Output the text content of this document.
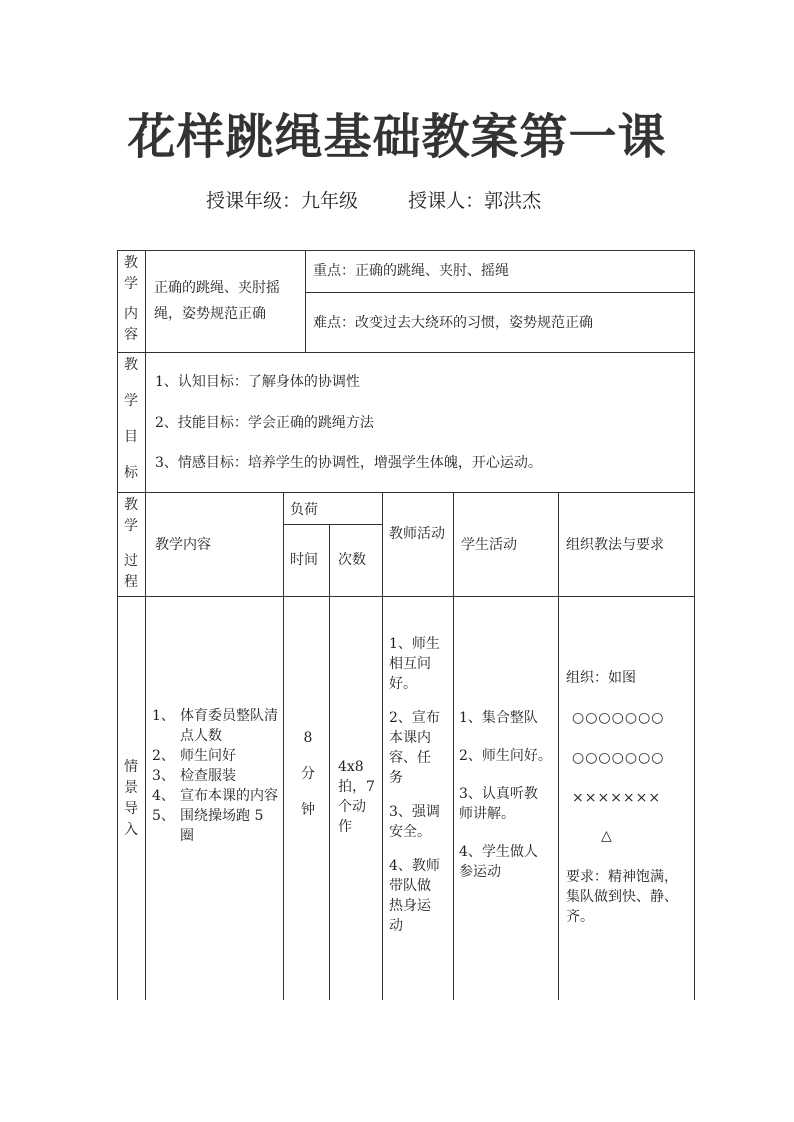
花样跳绳基础教案第一课
授课年级：九年级	授课人：郭洪杰
教
学
内
容
正确的跳绳、夹肘摇绳，姿势规范正确
重点：正确的跳绳、夹肘、摇绳
难点：改变过去大绕环的习惯，姿势规范正确
教
学
目
标
1、认知目标：了解身体的协调性
2、技能目标：学会正确的跳绳方法
3、情感目标：培养学生的协调性，增强学生体魄，开心运动。
教
学
过
程
教学内容
负荷
时间 次数
教师活动
学生活动	组织教法与要求
情
景
导
入
1、 体育委员整队清点人数
2、 师生问好
3、 检查服装
4、 宣布本课的内容
5、 围绕操场跑 5 圈
8
分
钟
4x8
拍，7
个动
作
1、师生
相互问
好。
2、宣布
本课内
容、任
务
3、强调
安全。
4、教师
带队做
热身运
动
1、集合整队
2、师生问好。
3、认真听教
师讲解。
4、学生做人
参运动
组织：如图
○○○○○○○
○○○○○○○
×××××××
△
要求：精神饱满，
集队做到快、静、
齐。
